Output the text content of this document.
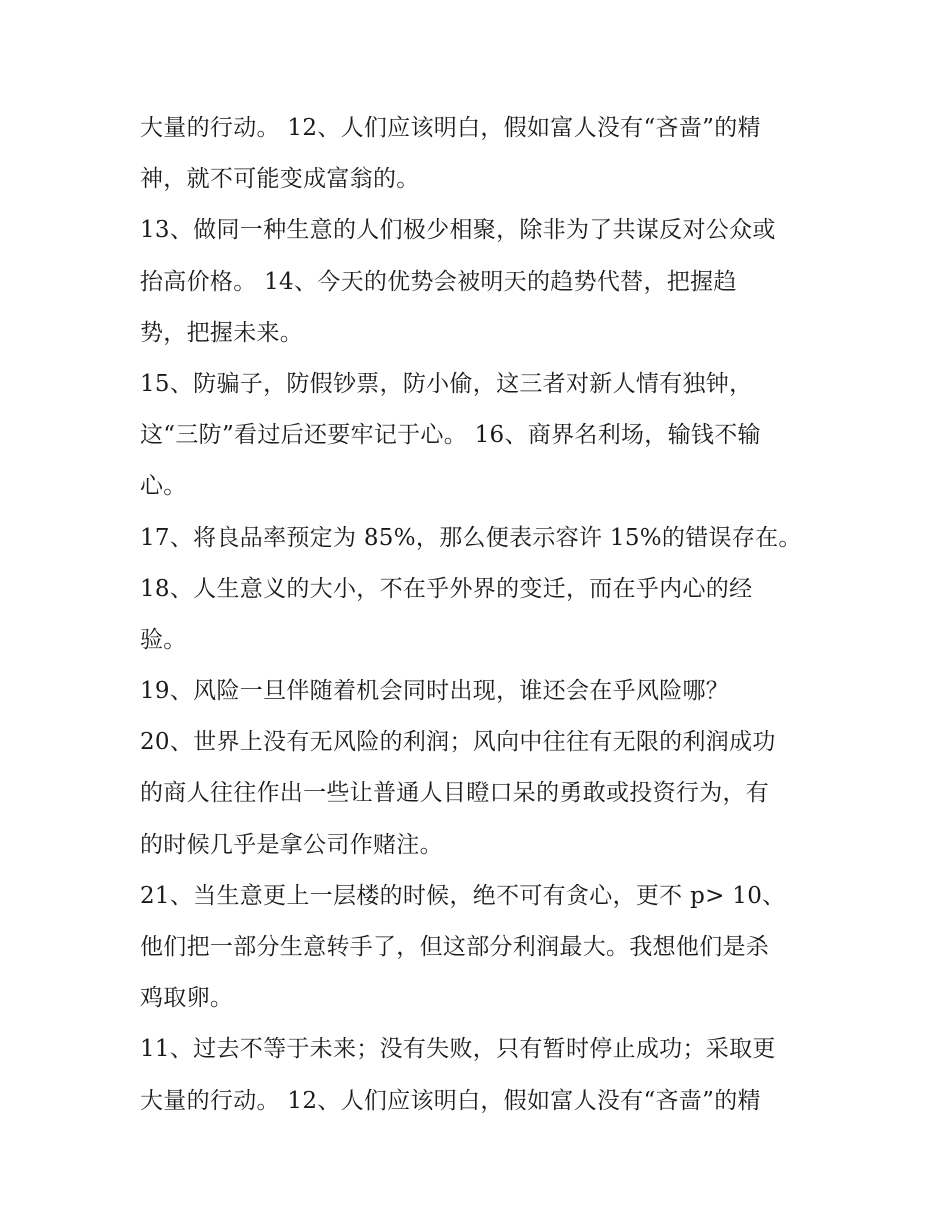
大量的行动。 12、人们应该明白，假如富人没有“吝啬”的精
神，就不可能变成富翁的。
13、做同一种生意的人们极少相聚，除非为了共谋反对公众或
抬高价格。 14、今天的优势会被明天的趋势代替，把握趋
势，把握未来。
15、防骗子，防假钞票，防小偷，这三者对新人情有独钟，
这“三防”看过后还要牢记于心。 16、商界名利场，输钱不输
心。
17、将良品率预定为 85%，那么便表示容许 15%的错误存在。
18、人生意义的大小，不在乎外界的变迁，而在乎内心的经
验。
19、风险一旦伴随着机会同时出现，谁还会在乎风险哪？
20、世界上没有无风险的利润；风向中往往有无限的利润成功
的商人往往作出一些让普通人目瞪口呆的勇敢或投资行为，有
的时候几乎是拿公司作赌注。
21、当生意更上一层楼的时候，绝不可有贪心，更不 p> 10、
他们把一部分生意转手了，但这部分利润最大。我想他们是杀
鸡取卵。
11、过去不等于未来；没有失败，只有暂时停止成功；采取更
大量的行动。 12、人们应该明白，假如富人没有“吝啬”的精
